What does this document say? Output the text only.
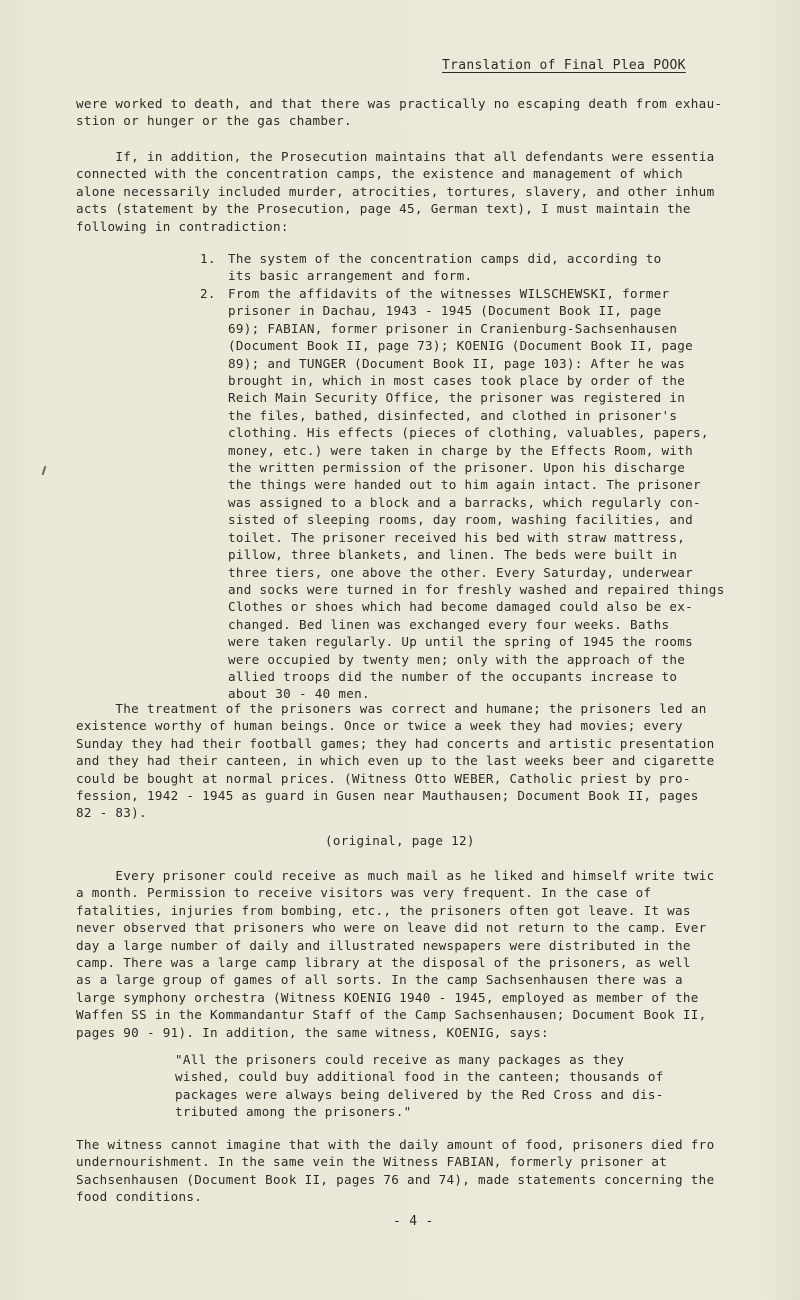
Translation of Final Plea POOK

were worked to death, and that there was practically no escaping death from exhau-
stion or hunger or the gas chamber.

If, in addition, the Prosecution maintains that all defendants were essentia
connected with the concentration camps, the existence and management of which
alone necessarily included murder, atrocities, tortures, slavery, and other inhum
acts (statement by the Prosecution, page 45, German text), I must maintain the
following in contradiction:

1. The system of the concentration camps did, according to
its basic arrangement and form.

2. From the affidavits of the witnesses WILSCHEWSKI, former
prisoner in Dachau, 1943 - 1945 (Document Book II, page
69); FABIAN, former prisoner in Cranienburg-Sachsenhausen
(Document Book II, page 73); KOENIG (Document Book II, page
89); and TUNGER (Document Book II, page 103): After he was
brought in, which in most cases took place by order of the
Reich Main Security Office, the prisoner was registered in
the files, bathed, disinfected, and clothed in prisoner's
clothing. His effects (pieces of clothing, valuables, papers,
money, etc.) were taken in charge by the Effects Room, with
the written permission of the prisoner. Upon his discharge
the things were handed out to him again intact. The prisoner
was assigned to a block and a barracks, which regularly con-
sisted of sleeping rooms, day room, washing facilities, and
toilet. The prisoner received his bed with straw mattress,
pillow, three blankets, and linen. The beds were built in
three tiers, one above the other. Every Saturday, underwear
and socks were turned in for freshly washed and repaired things
Clothes or shoes which had become damaged could also be ex-
changed. Bed linen was exchanged every four weeks. Baths
were taken regularly. Up until the spring of 1945 the rooms
were occupied by twenty men; only with the approach of the
allied troops did the number of the occupants increase to
about 30 - 40 men.

The treatment of the prisoners was correct and humane; the prisoners led an
existence worthy of human beings. Once or twice a week they had movies; every
Sunday they had their football games; they had concerts and artistic presentation
and they had their canteen, in which even up to the last weeks beer and cigarette
could be bought at normal prices. (Witness Otto WEBER, Catholic priest by pro-
fession, 1942 - 1945 as guard in Gusen near Mauthausen; Document Book II, pages
82 - 83).

(original, page 12)

Every prisoner could receive as much mail as he liked and himself write twic
a month. Permission to receive visitors was very frequent. In the case of
fatalities, injuries from bombing, etc., the prisoners often got leave. It was
never observed that prisoners who were on leave did not return to the camp. Ever
day a large number of daily and illustrated newspapers were distributed in the
camp. There was a large camp library at the disposal of the prisoners, as well
as a large group of games of all sorts. In the camp Sachsenhausen there was a
large symphony orchestra (Witness KOENIG 1940 - 1945, employed as member of the
Waffen SS in the Kommandantur Staff of the Camp Sachsenhausen; Document Book II,
pages 90 - 91). In addition, the same witness, KOENIG, says:

"All the prisoners could receive as many packages as they
wished, could buy additional food in the canteen; thousands of
packages were always being delivered by the Red Cross and dis-
tributed among the prisoners."

The witness cannot imagine that with the daily amount of food, prisoners died fro
undernourishment. In the same vein the Witness FABIAN, formerly prisoner at
Sachsenhausen (Document Book II, pages 76 and 74), made statements concerning the
food conditions.

- 4 -
